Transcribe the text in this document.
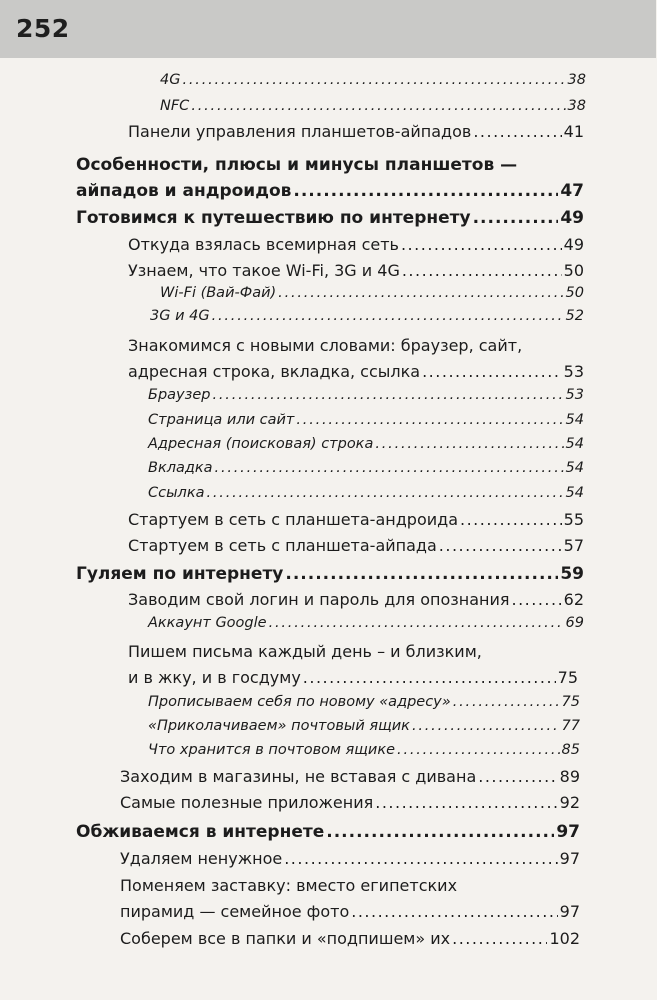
252
4G .....	38
NFC .....	38
Панели управления планшетов-айпадов .....	41
Особенности, плюсы и минусы планшетов —
айпадов и андроидов .....	47
Готовимся к путешествию по интернету .....	49
Откуда взялась всемирная сеть .....	49
Узнаем, что такое Wi-Fi, 3G и 4G .....	50
Wi-Fi (Вай-Фай) .....	50
3G и 4G .....	52
Знакомимся с новыми словами: браузер, сайт,
адресная строка, вкладка, ссылка .....	53
Браузер .....	53
Страница или сайт .....	54
Адресная (поисковая) строка .....	54
Вкладка .....	54
Ссылка .....	54
Стартуем в сеть с планшета-андроида .....	55
Стартуем в сеть с планшета-айпада .....	57
Гуляем по интернету .....	59
Заводим свой логин и пароль для опознания .....	62
Аккаунт Google .....	69
Пишем письма каждый день – и близким,
и в жку, и в госдуму .....	75
Прописываем себя по новому «адресу» .....	75
«Приколачиваем» почтовый ящик .....	77
Что хранится в почтовом ящике .....	85
Заходим в магазины, не вставая с дивана .....	89
Самые полезные приложения .....	92
Обживаемся в интернете .....	97
Удаляем ненужное .....	97
Поменяем заставку: вместо египетских
пирамид — семейное фото .....	97
Соберем все в папки и «подпишем» их .....	102
